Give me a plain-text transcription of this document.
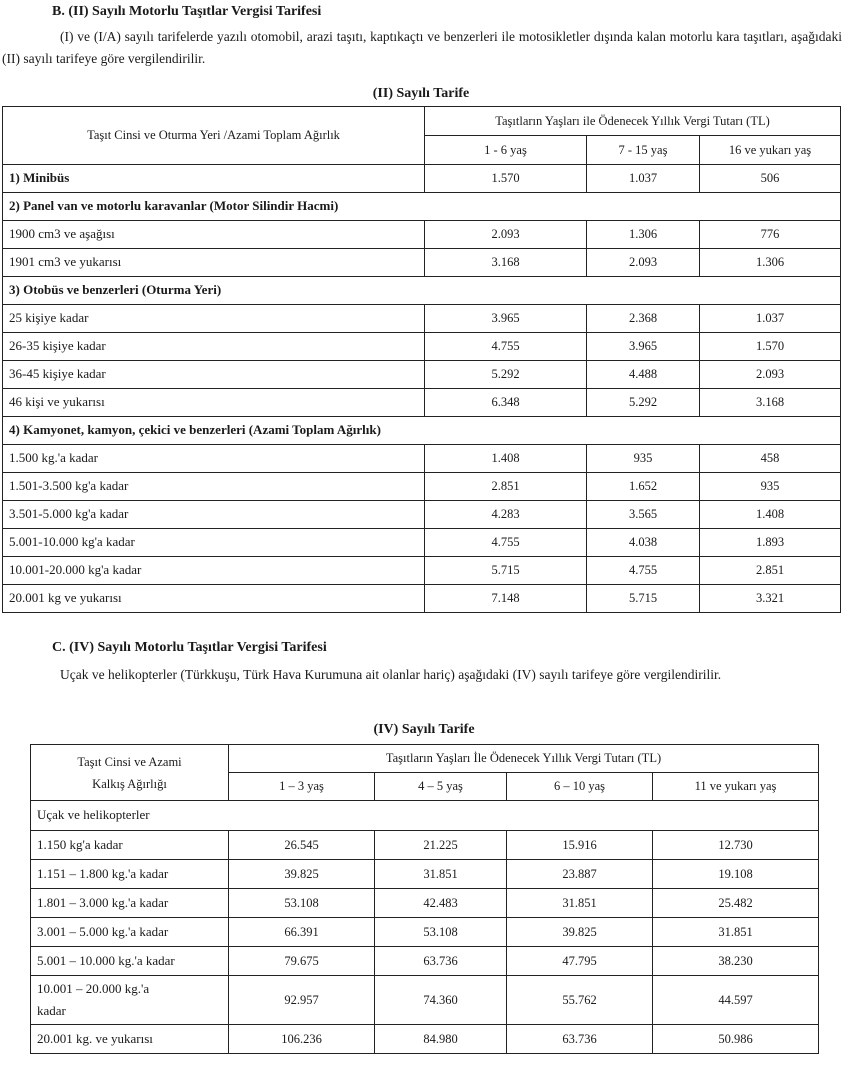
B. (II) Sayılı Motorlu Taşıtlar Vergisi Tarifesi
(I) ve (I/A) sayılı tarifelerde yazılı otomobil, arazi taşıtı, kaptıkaçtı ve benzerleri ile motosikletler dışında kalan motorlu kara taşıtları, aşağıdaki (II) sayılı tarifeye göre vergilendirilir.
(II) Sayılı Tarife
Taşıt Cinsi ve Oturma Yeri /Azami Toplam Ağırlık	Taşıtların Yaşları ile Ödenecek Yıllık Vergi Tutarı (TL)		
	1 - 6 yaş	7 - 15 yaş	16 ve yukarı yaş
1) Minibüs	1.570	1.037	506
2) Panel van ve motorlu karavanlar (Motor Silindir Hacmi)			
1900 cm3 ve aşağısı	2.093	1.306	776
1901 cm3 ve yukarısı	3.168	2.093	1.306
3) Otobüs ve benzerleri (Oturma Yeri)			
25 kişiye kadar	3.965	2.368	1.037
26-35 kişiye kadar	4.755	3.965	1.570
36-45 kişiye kadar	5.292	4.488	2.093
46 kişi ve yukarısı	6.348	5.292	3.168
4) Kamyonet, kamyon, çekici ve benzerleri (Azami Toplam Ağırlık)			
1.500 kg.'a kadar	1.408	935	458
1.501-3.500 kg'a kadar	2.851	1.652	935
3.501-5.000 kg'a kadar	4.283	3.565	1.408
5.001-10.000 kg'a kadar	4.755	4.038	1.893
10.001-20.000 kg'a kadar	5.715	4.755	2.851
20.001 kg ve yukarısı	7.148	5.715	3.321
C. (IV) Sayılı Motorlu Taşıtlar Vergisi Tarifesi
Uçak ve helikopterler (Türkkuşu, Türk Hava Kurumuna ait olanlar hariç) aşağıdaki (IV) sayılı tarifeye göre vergilendirilir.
(IV) Sayılı Tarife
Taşıt Cinsi ve Azami
Kalkış Ağırlığı	Taşıtların Yaşları İle Ödenecek Yıllık Vergi Tutarı (TL)			
	1 – 3 yaş	4 – 5 yaş	6 – 10 yaş	11 ve yukarı yaş
Uçak ve helikopterler				
1.150 kg'a kadar	26.545	21.225	15.916	12.730
1.151 – 1.800 kg.'a kadar	39.825	31.851	23.887	19.108
1.801 – 3.000 kg.'a kadar	53.108	42.483	31.851	25.482
3.001 – 5.000 kg.'a kadar	66.391	53.108	39.825	31.851
5.001 – 10.000 kg.'a kadar	79.675	63.736	47.795	38.230
10.001 – 20.000 kg.'a
kadar	92.957	74.360	55.762	44.597
20.001 kg. ve yukarısı	106.236	84.980	63.736	50.986
